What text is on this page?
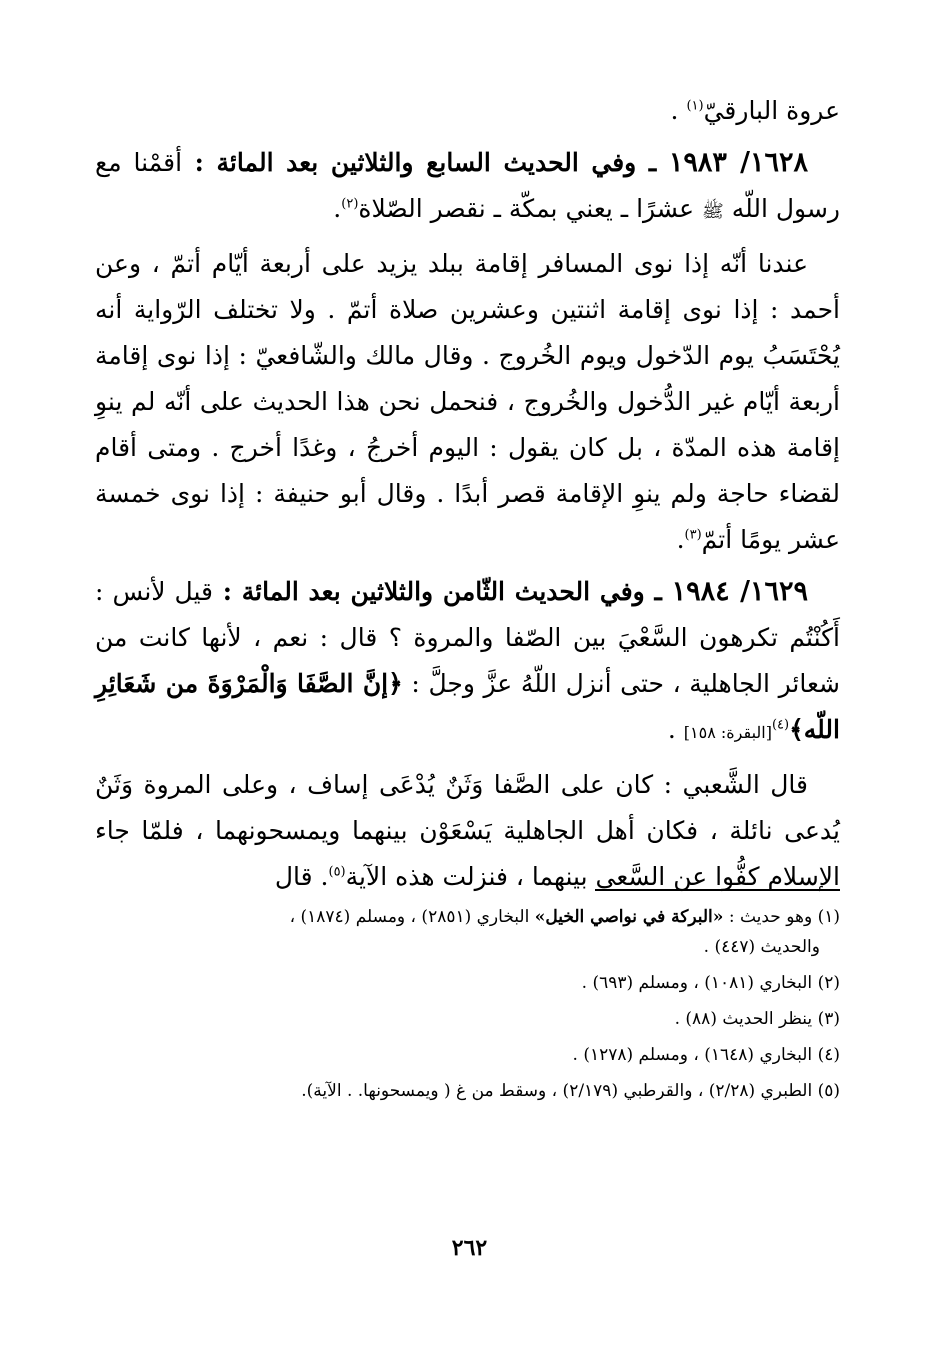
عروة البارقيّ$^{(١)}$ .

١٦٢٨/ ١٩٨٣ ـ وفي الحديث السابع والثلاثين بعد المائة : أقمْنا مع رسول اللّه ﷺ عشرًا ـ يعني بمكّة ـ نقصر الصّلاة$^{(٢)}$.

عندنا أنّه إذا نوى المسافر إقامة ببلد يزيد على أربعة أيّام أتمّ ، وعن أحمد : إذا نوى إقامة اثنتين وعشرين صلاة أتمّ . ولا تختلف الرّواية أنه يُحْتَسَبُ يوم الدّخول ويوم الخُروج . وقال مالك والشّافعيّ : إذا نوى إقامة أربعة أيّام غير الدُّخول والخُروج ، فنحمل نحن هذا الحديث على أنّه لم ينوِ إقامة هذه المدّة ، بل كان يقول : اليوم أخرجُ ، وغدًا أخرج . ومتى أقام لقضاء حاجة ولم ينوِ الإقامة قصر أبدًا . وقال أبو حنيفة : إذا نوى خمسة عشر يومًا أتمّ$^{(٣)}$.

١٦٢٩/ ١٩٨٤ ـ وفي الحديث الثّامن والثلاثين بعد المائة : قيل لأنس : أَكُنْتُم تكرهون السَّعْيَ بين الصّفا والمروة ؟ قال : نعم ، لأنها كانت من شعائر الجاهلية ، حتى أنزل اللّهُ عزَّ وجلَّ : ﴿إنَّ الصَّفَا وَالْمَرْوَةَ من شَعَائِرِ اللّه﴾$^{(٤)}$[البقرة: ١٥٨] .

قال الشَّعبي : كان على الصَّفا وَثَنٌ يُدْعَى إساف ، وعلى المروة وَثَنٌ يُدعى نائلة ، فكان أهل الجاهلية يَسْعَوْن بينهما ويمسحونهما ، فلمّا جاء الإسلام كفُّوا عن السَّعي بينهما ، فنزلت هذه الآية$^{(٥)}$. قال

(١) وهو حديث : «البركة في نواصي الخيل» البخاري (٢٨٥١) ، ومسلم (١٨٧٤) ،
والحديث (٤٤٧) .
(٢) البخاري (١٠٨١) ، ومسلم (٦٩٣) .
(٣) ينظر الحديث (٨٨) .
(٤) البخاري (١٦٤٨) ، ومسلم (١٢٧٨) .
(٥) الطبري (٢/٢٨) ، والقرطبي (٢/١٧٩) ، وسقط من غ ( ويمسحونها. . الآية).
٢٦٢
